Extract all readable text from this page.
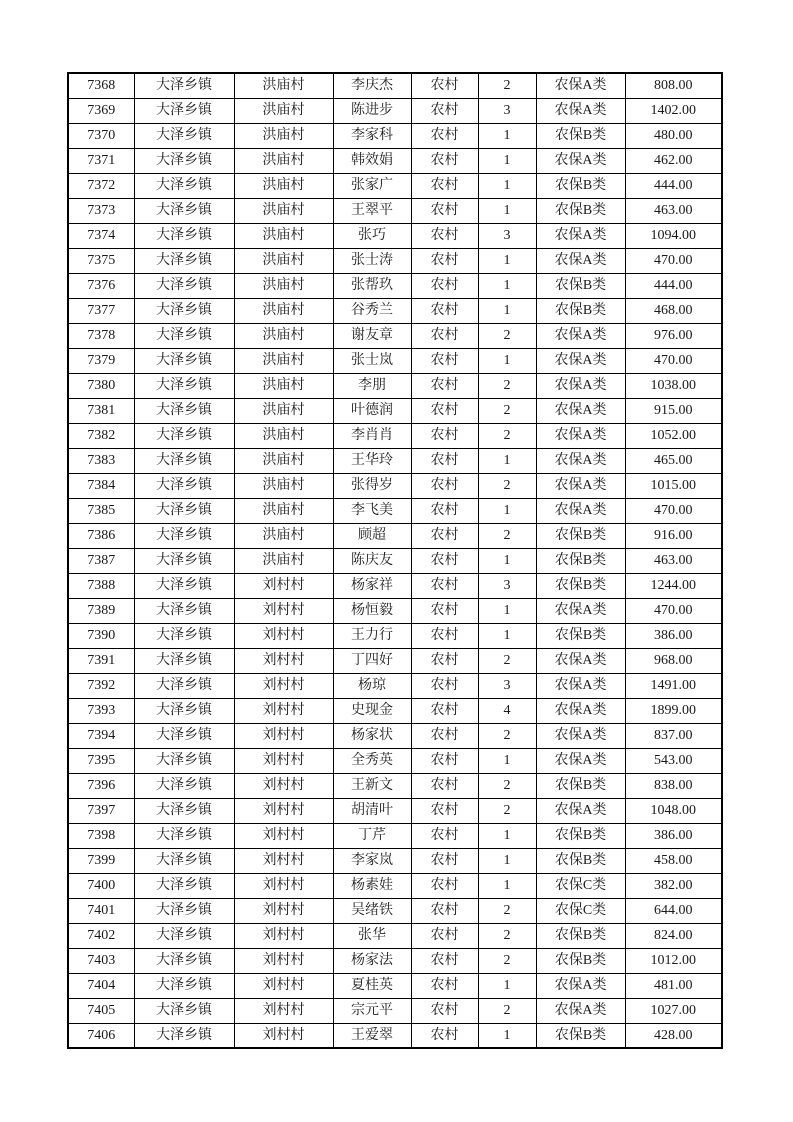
7368	大泽乡镇	洪庙村	李庆杰	农村	2	农保A类	808.00
7369	大泽乡镇	洪庙村	陈进步	农村	3	农保A类	1402.00
7370	大泽乡镇	洪庙村	李家科	农村	1	农保B类	480.00
7371	大泽乡镇	洪庙村	韩效娟	农村	1	农保A类	462.00
7372	大泽乡镇	洪庙村	张家广	农村	1	农保B类	444.00
7373	大泽乡镇	洪庙村	王翠平	农村	1	农保B类	463.00
7374	大泽乡镇	洪庙村	张巧	农村	3	农保A类	1094.00
7375	大泽乡镇	洪庙村	张士涛	农村	1	农保A类	470.00
7376	大泽乡镇	洪庙村	张帮玖	农村	1	农保B类	444.00
7377	大泽乡镇	洪庙村	谷秀兰	农村	1	农保B类	468.00
7378	大泽乡镇	洪庙村	谢友章	农村	2	农保A类	976.00
7379	大泽乡镇	洪庙村	张士岚	农村	1	农保A类	470.00
7380	大泽乡镇	洪庙村	李朋	农村	2	农保A类	1038.00
7381	大泽乡镇	洪庙村	叶德润	农村	2	农保A类	915.00
7382	大泽乡镇	洪庙村	李肖肖	农村	2	农保A类	1052.00
7383	大泽乡镇	洪庙村	王华玲	农村	1	农保A类	465.00
7384	大泽乡镇	洪庙村	张得岁	农村	2	农保A类	1015.00
7385	大泽乡镇	洪庙村	李飞美	农村	1	农保A类	470.00
7386	大泽乡镇	洪庙村	顾超	农村	2	农保B类	916.00
7387	大泽乡镇	洪庙村	陈庆友	农村	1	农保B类	463.00
7388	大泽乡镇	刘村村	杨家祥	农村	3	农保B类	1244.00
7389	大泽乡镇	刘村村	杨恒毅	农村	1	农保A类	470.00
7390	大泽乡镇	刘村村	王力行	农村	1	农保B类	386.00
7391	大泽乡镇	刘村村	丁四好	农村	2	农保A类	968.00
7392	大泽乡镇	刘村村	杨琼	农村	3	农保A类	1491.00
7393	大泽乡镇	刘村村	史现金	农村	4	农保A类	1899.00
7394	大泽乡镇	刘村村	杨家状	农村	2	农保A类	837.00
7395	大泽乡镇	刘村村	全秀英	农村	1	农保A类	543.00
7396	大泽乡镇	刘村村	王新文	农村	2	农保B类	838.00
7397	大泽乡镇	刘村村	胡清叶	农村	2	农保A类	1048.00
7398	大泽乡镇	刘村村	丁芹	农村	1	农保B类	386.00
7399	大泽乡镇	刘村村	李家岚	农村	1	农保B类	458.00
7400	大泽乡镇	刘村村	杨素娃	农村	1	农保C类	382.00
7401	大泽乡镇	刘村村	吴绪铁	农村	2	农保C类	644.00
7402	大泽乡镇	刘村村	张华	农村	2	农保B类	824.00
7403	大泽乡镇	刘村村	杨家法	农村	2	农保B类	1012.00
7404	大泽乡镇	刘村村	夏桂英	农村	1	农保A类	481.00
7405	大泽乡镇	刘村村	宗元平	农村	2	农保A类	1027.00
7406	大泽乡镇	刘村村	王爱翠	农村	1	农保B类	428.00
